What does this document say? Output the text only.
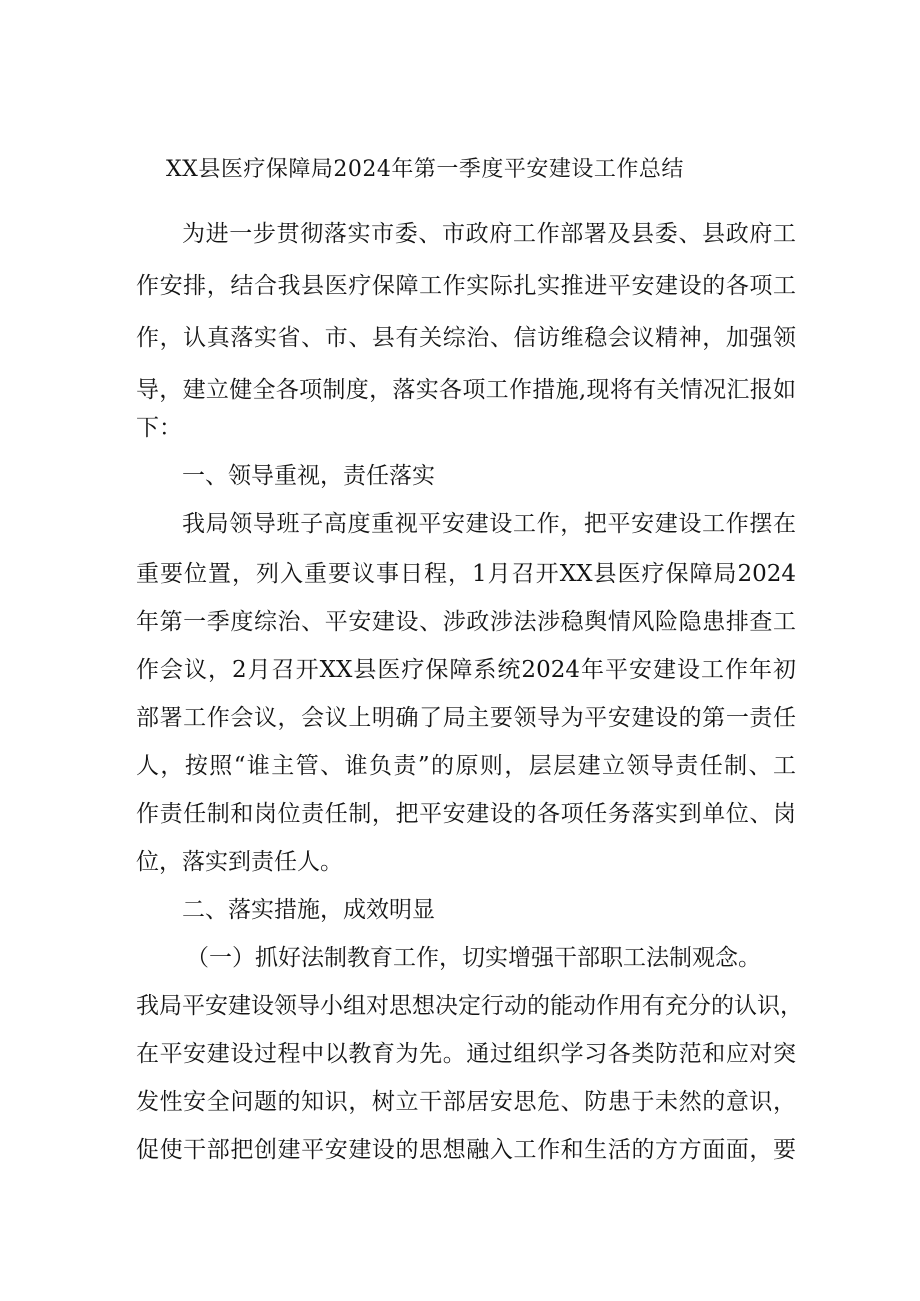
XX县医疗保障局2024年第一季度平安建设工作总结
为进一步贯彻落实市委、市政府工作部署及县委、县政府工
作安排，结合我县医疗保障工作实际扎实推进平安建设的各项工
作，认真落实省、市、县有关综治、信访维稳会议精神，加强领
导，建立健全各项制度，落实各项工作措施,现将有关情况汇报如
下：
一、领导重视，责任落实
我局领导班子高度重视平安建设工作，把平安建设工作摆在
重要位置，列入重要议事日程，1月召开XX县医疗保障局2024
年第一季度综治、平安建设、涉政涉法涉稳舆情风险隐患排查工
作会议，2月召开XX县医疗保障系统2024年平安建设工作年初
部署工作会议，会议上明确了局主要领导为平安建设的第一责任
人，按照“谁主管、谁负责”的原则，层层建立领导责任制、工
作责任制和岗位责任制，把平安建设的各项任务落实到单位、岗
位，落实到责任人。
二、落实措施，成效明显
（一）抓好法制教育工作，切实增强干部职工法制观念。
我局平安建设领导小组对思想决定行动的能动作用有充分的认识，
在平安建设过程中以教育为先。通过组织学习各类防范和应对突
发性安全问题的知识，树立干部居安思危、防患于未然的意识，
促使干部把创建平安建设的思想融入工作和生活的方方面面，要
